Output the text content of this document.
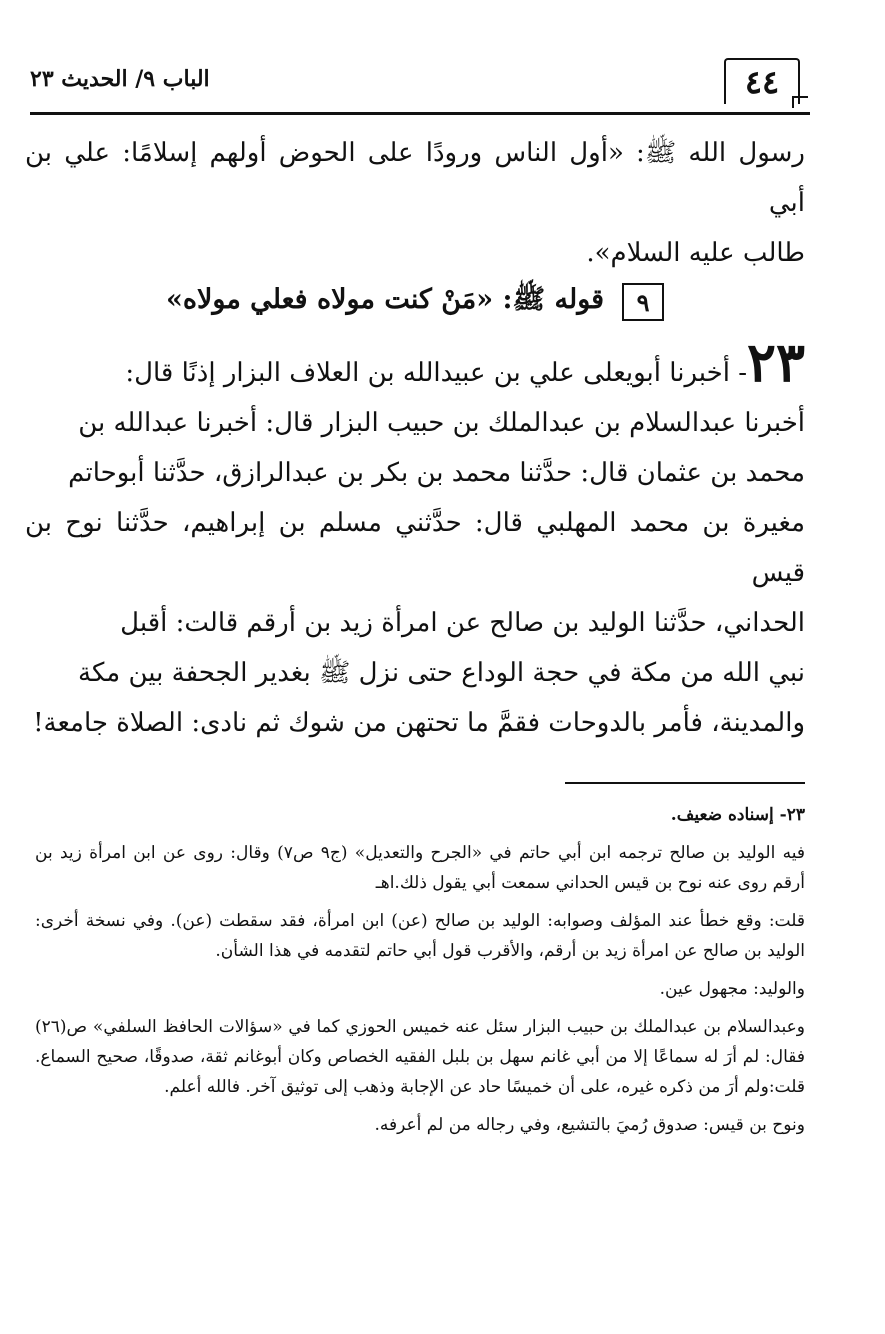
٤٤
الباب ٩/ الحديث ٢٣

رسول الله ﷺ: «أول الناس ورودًا على الحوض أولهم إسلامًا: علي بن أبي

طالب عليه السلام».

٩
قوله ﷺ: «مَنْ كنت مولاه فعلي مولاه»

٢٣- أخبرنا أبويعلى علي بن عبيدالله بن العلاف البزار إذنًا قال:

أخبرنا عبدالسلام بن عبدالملك بن حبيب البزار قال: أخبرنا عبدالله بن

محمد بن عثمان قال: حدَّثنا محمد بن بكر بن عبدالرازق، حدَّثنا أبوحاتم

مغيرة بن محمد المهلبي قال: حدَّثني مسلم بن إبراهيم، حدَّثنا نوح بن قيس

الحداني، حدَّثنا الوليد بن صالح عن امرأة زيد بن أرقم قالت: أقبل

نبي الله من مكة في حجة الوداع حتى نزل ﷺ بغدير الجحفة بين مكة

والمدينة، فأمر بالدوحات فقمَّ ما تحتهن من شوك ثم نادى: الصلاة جامعة!

٢٣- إسناده ضعيف.

فيه الوليد بن صالح ترجمه ابن أبي حاتم في «الجرح والتعديل» (ج٩ ص٧) وقال: روى عن ابن امرأة زيد بن أرقم روى عنه نوح بن قيس الحداني سمعت أبي يقول ذلك.اهـ

قلت: وقع خطأ عند المؤلف وصوابه: الوليد بن صالح (عن) ابن امرأة، فقد سقطت (عن). وفي نسخة أخرى: الوليد بن صالح عن امرأة زيد بن أرقم، والأقرب قول أبي حاتم لتقدمه في هذا الشأن.

والوليد: مجهول عين.

وعبدالسلام بن عبدالملك بن حبيب البزار سئل عنه خميس الحوزي كما في «سؤالات الحافظ السلفي» ص(٢٦) فقال: لم أرَ له سماعًا إلا من أبي غانم سهل بن بلبل الفقيه الخصاص وكان أبوغانم ثقة، صدوقًا، صحيح السماع. قلت:ولم أرَ من ذكره غيره، على أن خميسًا حاد عن الإجابة وذهب إلى توثيق آخر. فالله أعلم.

ونوح بن قيس: صدوق رُميَ بالتشيع، وفي رجاله من لم أعرفه.
